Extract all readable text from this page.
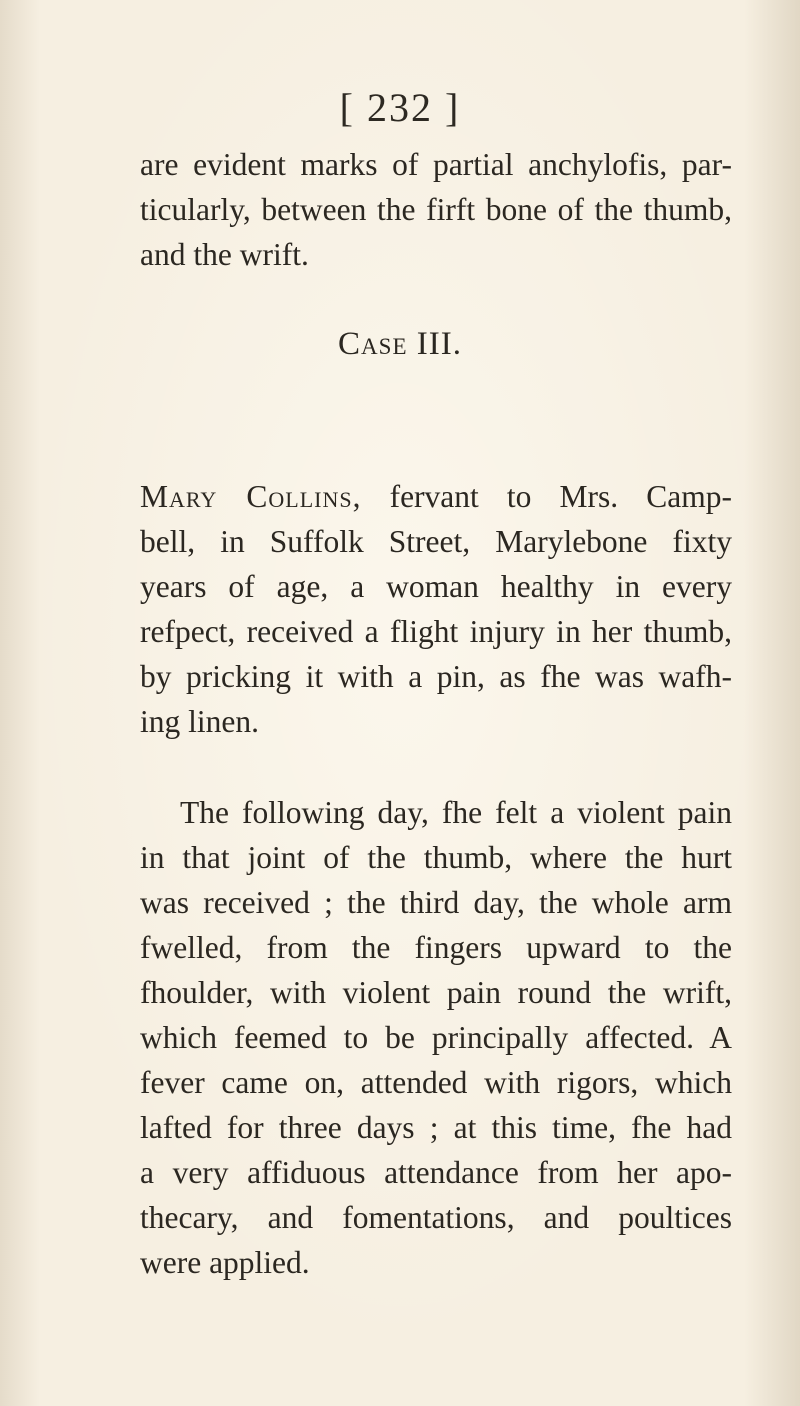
[ 232 ]
are evident marks of partial anchylofis, par-
ticularly, between the firft bone of the thumb,
and the wrift.
Case III.
Mary Collins, fervant to Mrs. Camp-
bell, in Suffolk Street, Marylebone fixty
years of age, a woman healthy in every
refpect, received a flight injury in her thumb,
by pricking it with a pin, as fhe was wafh-
ing linen.
The following day, fhe felt a violent pain
in that joint of the thumb, where the hurt
was received ; the third day, the whole arm
fwelled, from the fingers upward to the
fhoulder, with violent pain round the wrift,
which feemed to be principally affected. A
fever came on, attended with rigors, which
lafted for three days ; at this time, fhe had
a very affiduous attendance from her apo-
thecary, and fomentations, and poultices
were applied.
